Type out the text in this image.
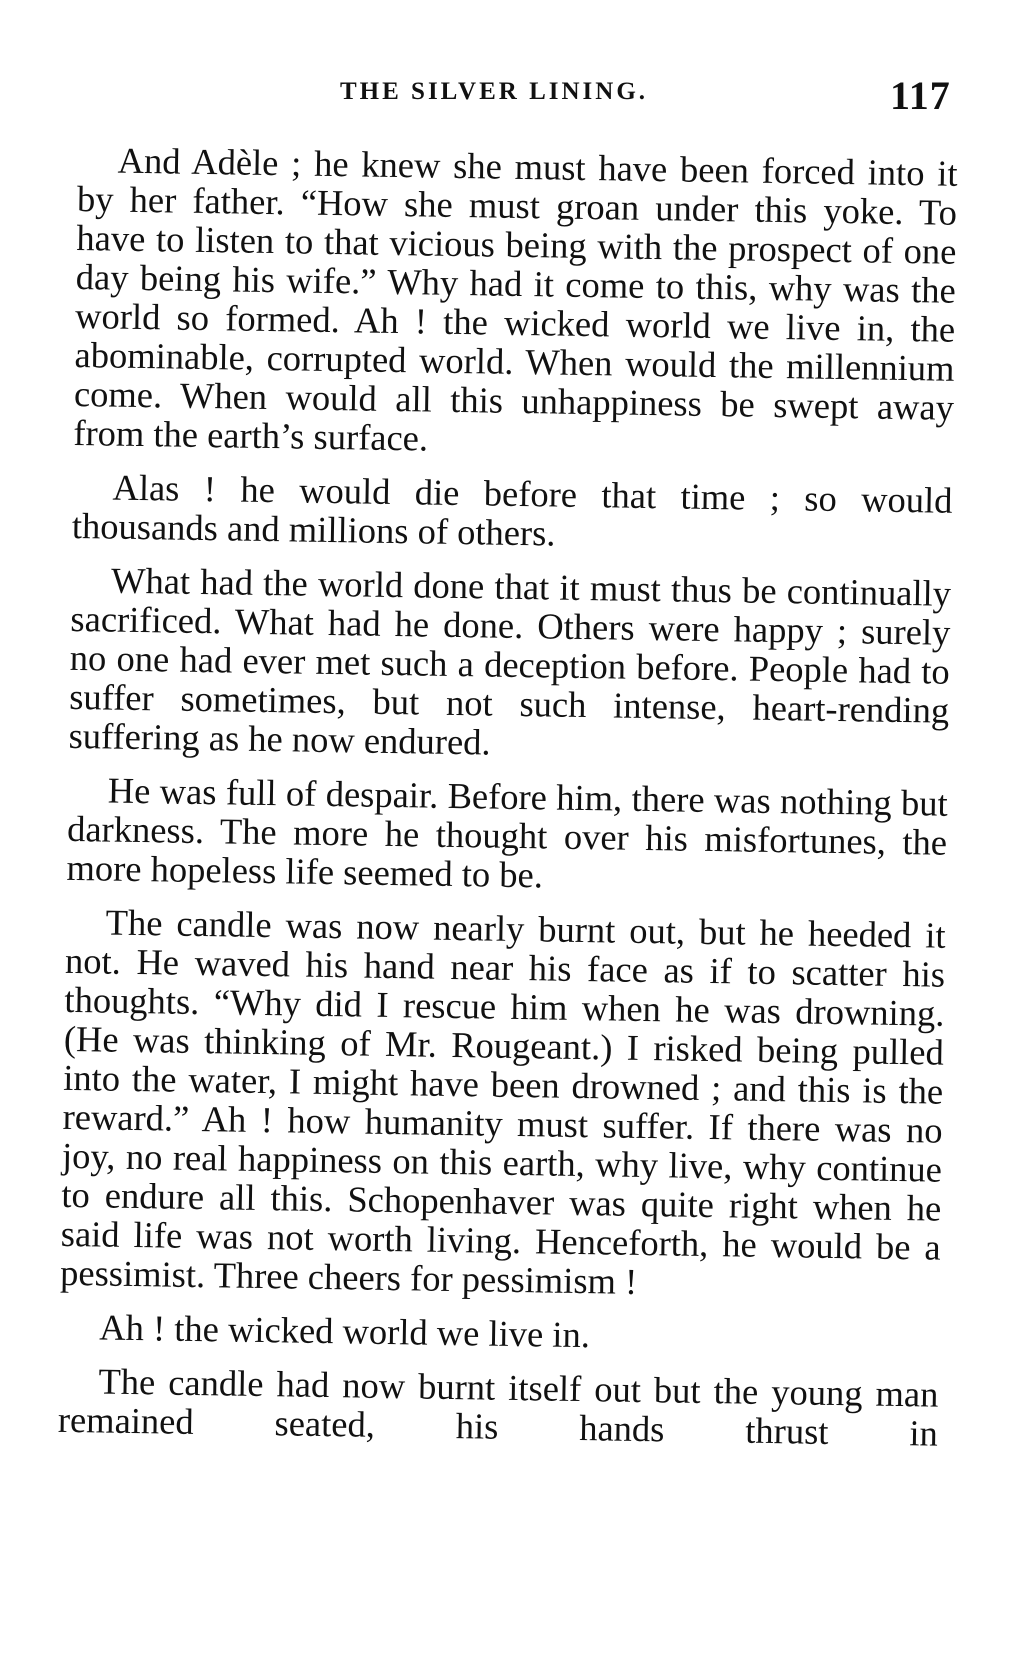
THE SILVER LINING.	117

And Adèle ; he knew she must have been forced into it by her father. “How she must groan under this yoke. To have to listen to that vicious being with the prospect of one day being his wife.” Why had it come to this, why was the world so formed. Ah ! the wicked world we live in, the abominable, corrupted world. When would the millennium come. When would all this unhappiness be swept away from the earth’s surface.

Alas ! he would die before that time ; so would thousands and millions of others.

What had the world done that it must thus be continually sacrificed. What had he done. Others were happy ; surely no one had ever met such a deception before. People had to suffer sometimes, but not such intense, heart-rending suffering as he now endured.

He was full of despair. Before him, there was nothing but darkness. The more he thought over his misfortunes, the more hopeless life seemed to be.

The candle was now nearly burnt out, but he heeded it not. He waved his hand near his face as if to scatter his thoughts. “Why did I rescue him when he was drowning. (He was thinking of Mr. Rougeant.) I risked being pulled into the water, I might have been drowned ; and this is the reward.” Ah ! how humanity must suffer. If there was no joy, no real happiness on this earth, why live, why continue to endure all this. Schopenhaver was quite right when he said life was not worth living. Henceforth, he would be a pessimist. Three cheers for pessimism !

Ah ! the wicked world we live in.

The candle had now burnt itself out but the young man remained seated, his hands thrust in
